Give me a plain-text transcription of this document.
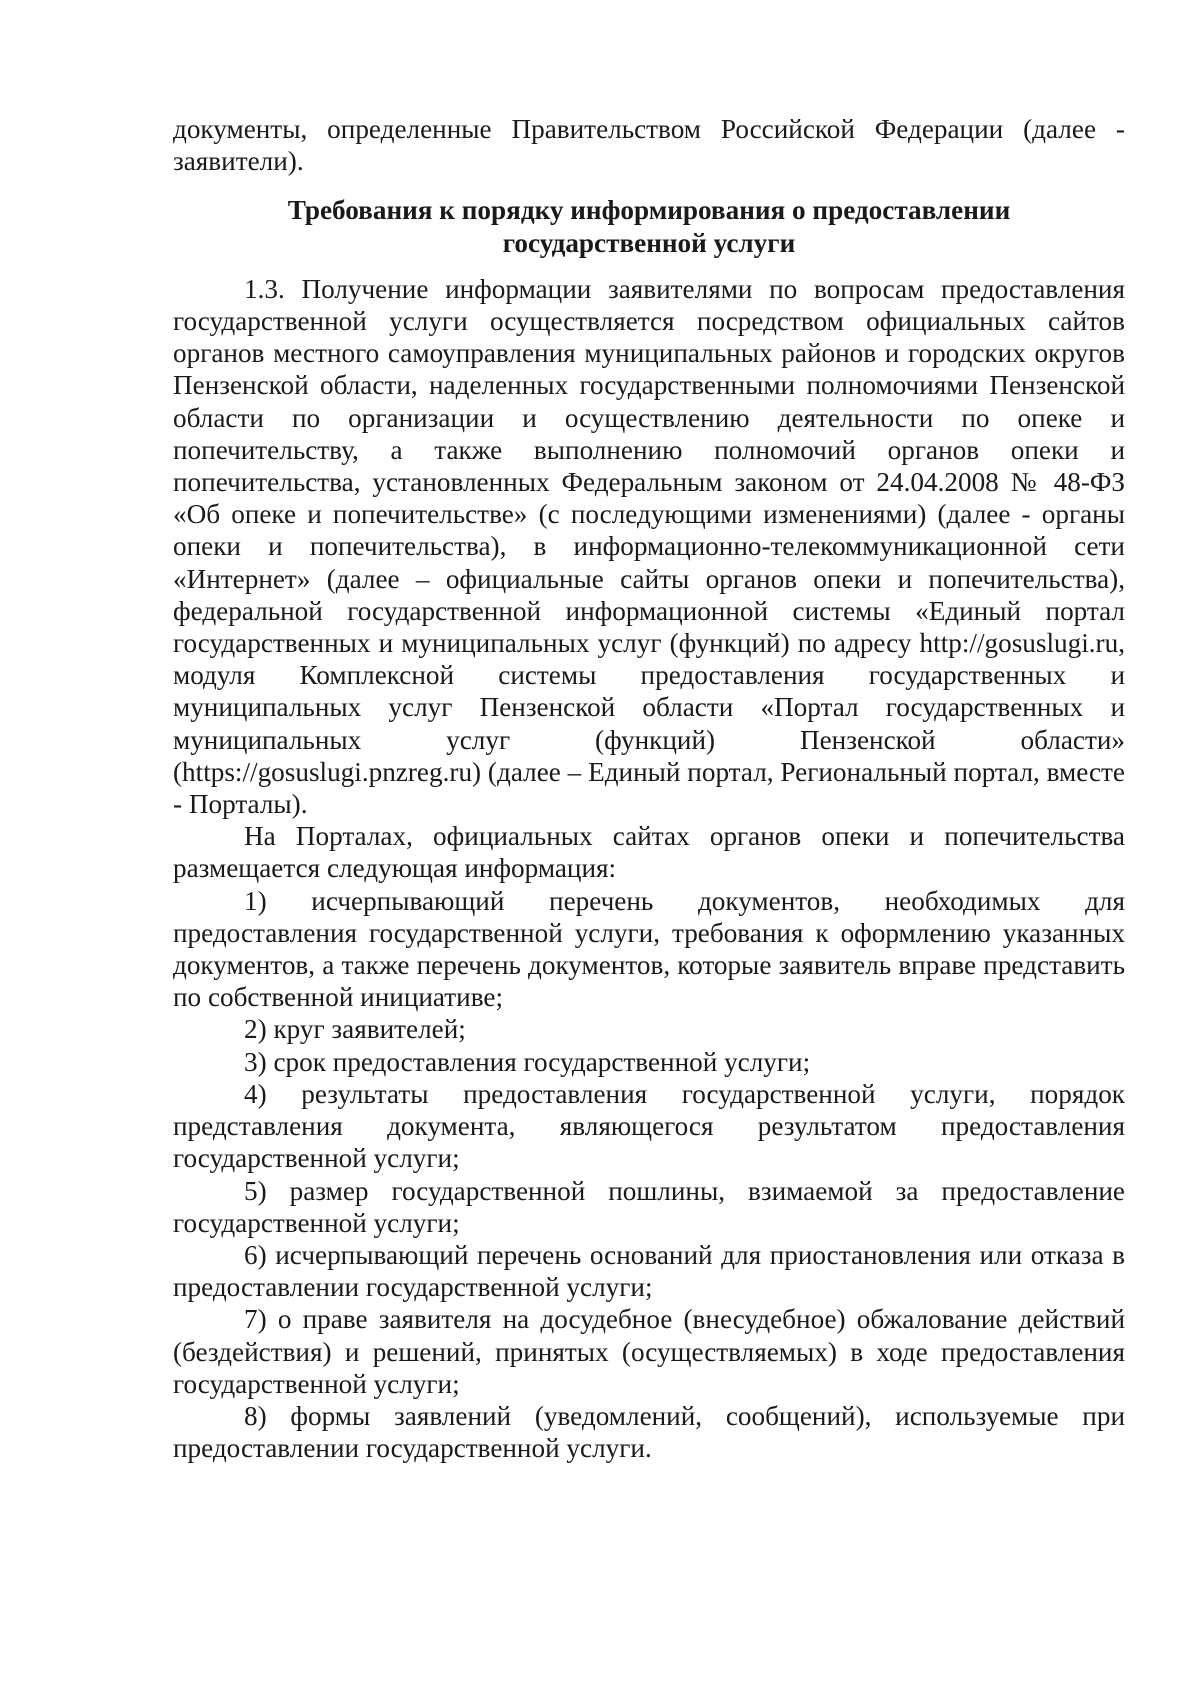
документы, определенные Правительством Российской Федерации (далее - заявители).

Требования к порядку информирования о предоставлении
государственной услуги

1.3. Получение информации заявителями по вопросам предоставления государственной услуги осуществляется посредством официальных сайтов органов местного самоуправления муниципальных районов и городских округов Пензенской области, наделенных государственными полномочиями Пензенской области по организации и осуществлению деятельности по опеке и попечительству, а также выполнению полномочий органов опеки и попечительства, установленных Федеральным законом от 24.04.2008 № 48-ФЗ «Об опеке и попечительстве» (с последующими изменениями) (далее - органы опеки и попечительства), в информационно-телекоммуникационной сети «Интернет» (далее – официальные сайты органов опеки и попечительства), федеральной государственной информационной системы «Единый портал государственных и муниципальных услуг (функций) по адресу http://gosuslugi.ru, модуля Комплексной системы предоставления государственных и муниципальных услуг Пензенской области «Портал государственных и муниципальных услуг (функций) Пензенской области» (https://gosuslugi.pnzreg.ru) (далее – Единый портал, Региональный портал, вместе - Порталы).

На Порталах, официальных сайтах органов опеки и попечительства размещается следующая информация:

1) исчерпывающий перечень документов, необходимых для предоставления государственной услуги, требования к оформлению указанных документов, а также перечень документов, которые заявитель вправе представить по собственной инициативе;

2) круг заявителей;

3) срок предоставления государственной услуги;

4) результаты предоставления государственной услуги, порядок представления документа, являющегося результатом предоставления государственной услуги;

5) размер государственной пошлины, взимаемой за предоставление государственной услуги;

6) исчерпывающий перечень оснований для приостановления или отказа в предоставлении государственной услуги;

7) о праве заявителя на досудебное (внесудебное) обжалование действий (бездействия) и решений, принятых (осуществляемых) в ходе предоставления государственной услуги;

8) формы заявлений (уведомлений, сообщений), используемые при предоставлении государственной услуги.
